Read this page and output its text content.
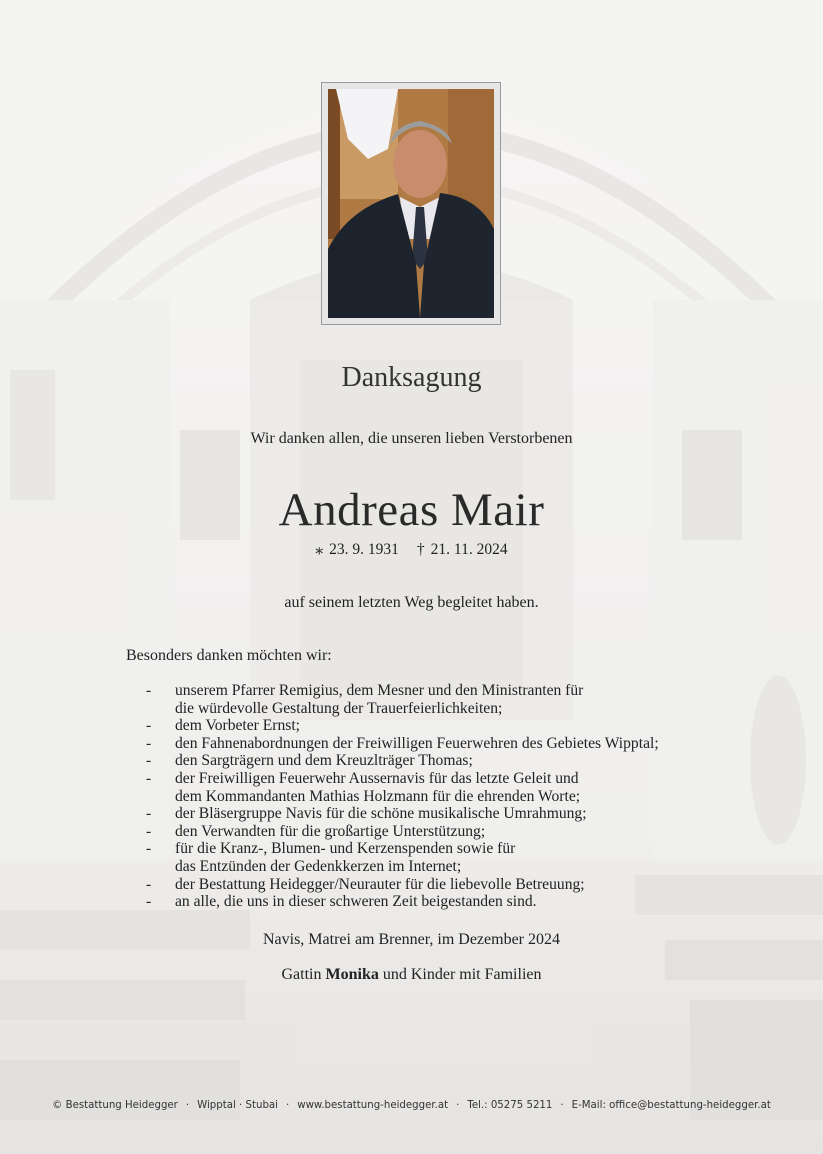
Danksagung
Wir danken allen, die unseren lieben Verstorbenen
Andreas Mair
⁎ 23. 9. 1931 † 21. 11. 2024
auf seinem letzten Weg begleitet haben.
Besonders danken möchten wir:
- unserem Pfarrer Remigius, dem Mesner und den Ministranten für
die würdevolle Gestaltung der Trauerfeierlichkeiten;
- dem Vorbeter Ernst;
- den Fahnenabordnungen der Freiwilligen Feuerwehren des Gebietes Wipptal;
- den Sargträgern und dem Kreuzlträger Thomas;
- der Freiwilligen Feuerwehr Aussernavis für das letzte Geleit und
dem Kommandanten Mathias Holzmann für die ehrenden Worte;
- der Bläsergruppe Navis für die schöne musikalische Umrahmung;
- den Verwandten für die großartige Unterstützung;
- für die Kranz-, Blumen- und Kerzenspenden sowie für
das Entzünden der Gedenkkerzen im Internet;
- der Bestattung Heidegger/Neurauter für die liebevolle Betreuung;
- an alle, die uns in dieser schweren Zeit beigestanden sind.
Navis, Matrei am Brenner, im Dezember 2024
Gattin Monika und Kinder mit Familien
© Bestattung Heidegger · Wipptal · Stubai · www.bestattung-heidegger.at · Tel.: 05275 5211 · E-Mail: office@bestattung-heidegger.at
